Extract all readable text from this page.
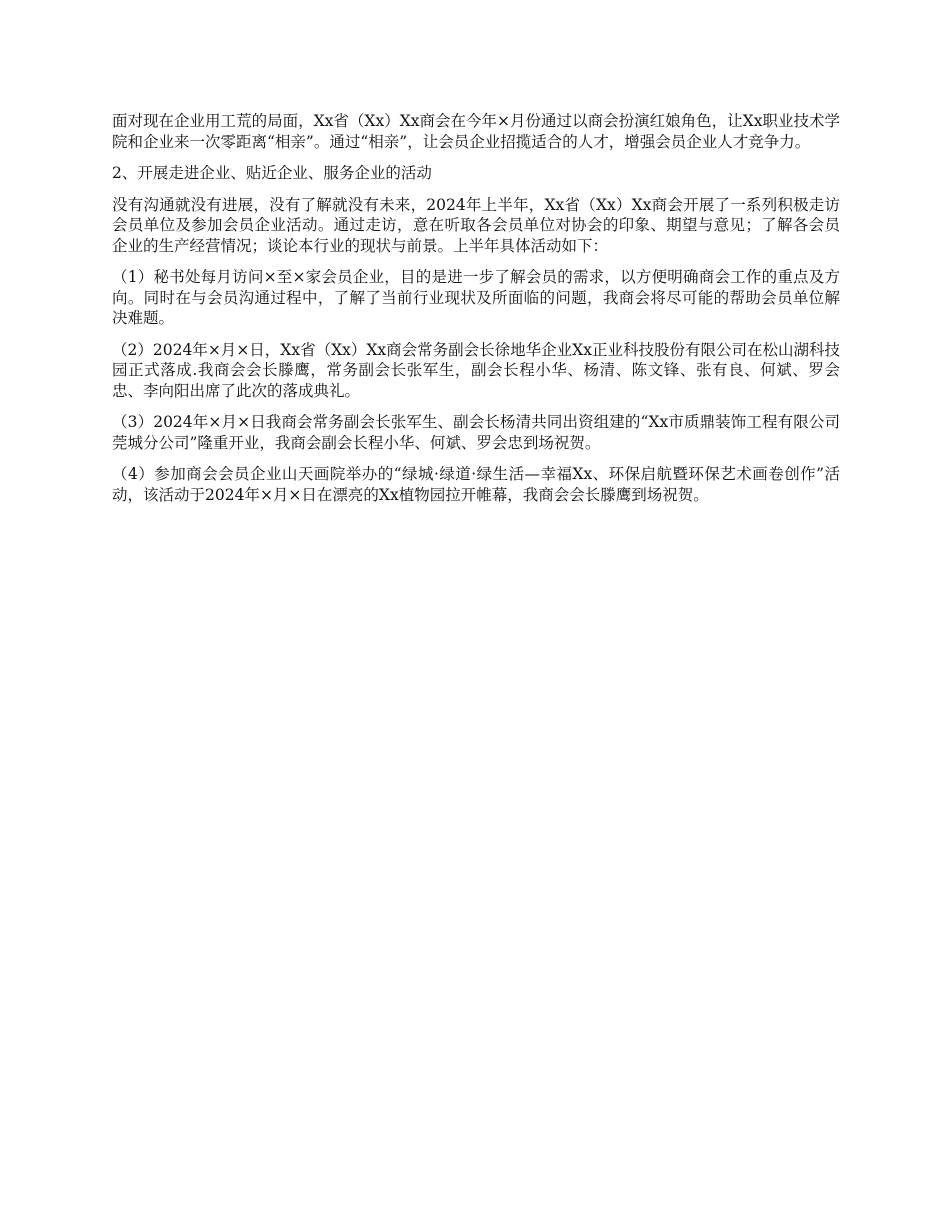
面对现在企业用工荒的局面，Xx省（Xx）Xx商会在今年×月份通过以商会扮演红娘角色，让Xx职业技术学院和企业来一次零距离“相亲”。通过“相亲”，让会员企业招揽适合的人才，增强会员企业人才竞争力。

2、开展走进企业、贴近企业、服务企业的活动

没有沟通就没有进展，没有了解就没有未来，2024年上半年，Xx省（Xx）Xx商会开展了一系列积极走访会员单位及参加会员企业活动。通过走访，意在听取各会员单位对协会的印象、期望与意见；了解各会员企业的生产经营情况；谈论本行业的现状与前景。上半年具体活动如下：

（1）秘书处每月访问×至×家会员企业，目的是进一步了解会员的需求，以方便明确商会工作的重点及方向。同时在与会员沟通过程中，了解了当前行业现状及所面临的问题，我商会将尽可能的帮助会员单位解决难题。

（2）2024年×月×日，Xx省（Xx）Xx商会常务副会长徐地华企业Xx正业科技股份有限公司在松山湖科技园正式落成.我商会会长滕鹰，常务副会长张军生，副会长程小华、杨清、陈文锋、张有良、何斌、罗会忠、李向阳出席了此次的落成典礼。

（3）2024年×月×日我商会常务副会长张军生、副会长杨清共同出资组建的“Xx市质鼎装饰工程有限公司莞城分公司”隆重开业，我商会副会长程小华、何斌、罗会忠到场祝贺。

（4）参加商会会员企业山天画院举办的“绿城·绿道·绿生活—幸福Xx、环保启航暨环保艺术画卷创作”活动，该活动于2024年×月×日在漂亮的Xx植物园拉开帷幕，我商会会长滕鹰到场祝贺。
